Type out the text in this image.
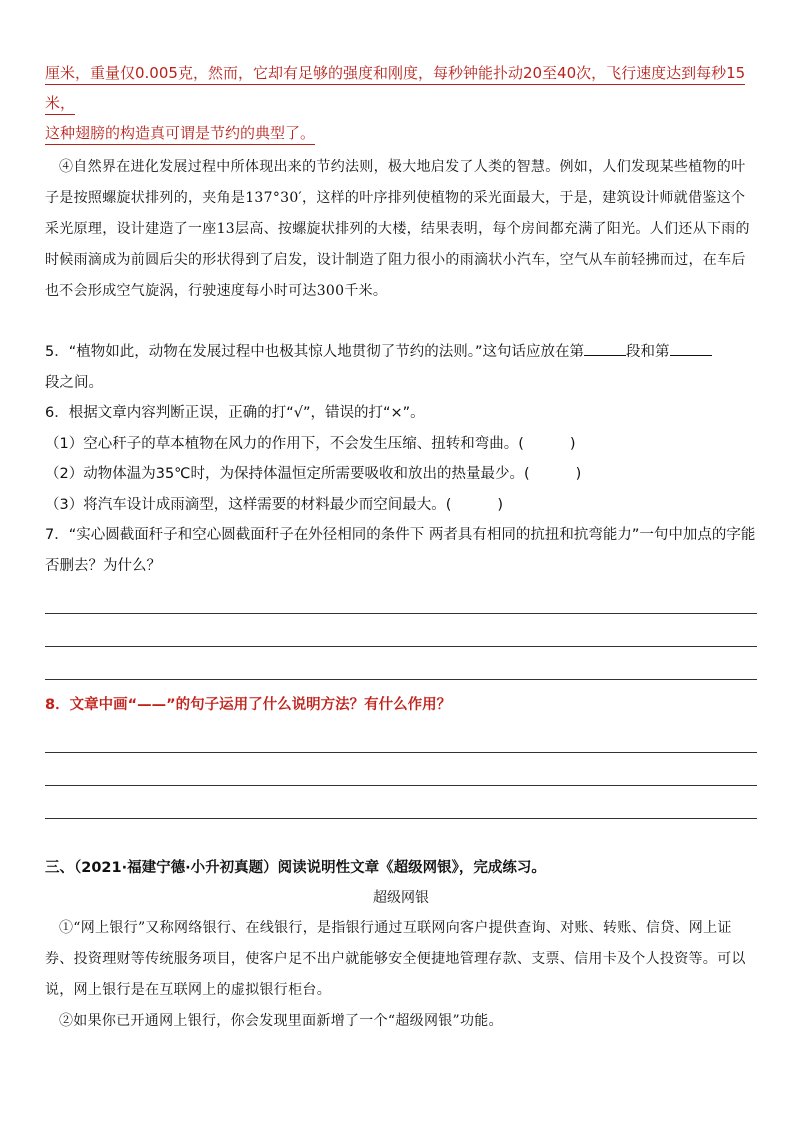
厘米，重量仅0.005克，然而，它却有足够的强度和刚度，每秒钟能扑动20至40次，飞行速度达到每秒15米，
这种翅膀的构造真可谓是节约的典型了。

④自然界在进化发展过程中所体现出来的节约法则，极大地启发了人类的智慧。例如，人们发现某些植物的叶子是按照螺旋状排列的，夹角是137°30′，这样的叶序排列使植物的采光面最大，于是，建筑设计师就借鉴这个采光原理，设计建造了一座13层高、按螺旋状排列的大楼，结果表明，每个房间都充满了阳光。人们还从下雨的时候雨滴成为前圆后尖的形状得到了启发，设计制造了阻力很小的雨滴状小汽车，空气从车前轻拂而过，在车后也不会形成空气旋涡，行驶速度每小时可达300千米。

5．“植物如此，动物在发展过程中也极其惊人地贯彻了节约的法则。”这句话应放在第	段和第
段之间。

6．根据文章内容判断正误，正确的打“√”，错误的打“×”。

（1）空心秆子的草本植物在风力的作用下，不会发生压缩、扭转和弯曲。(	)

（2）动物体温为35℃时，为保持体温恒定所需要吸收和放出的热量最少。(	)

（3）将汽车设计成雨滴型，这样需要的材料最少而空间最大。(	)

7．“实心圆截面秆子和空心圆截面秆子在外径相同的条件下 两者具有相同的抗扭和抗弯能力”一句中加点的字能否删去？为什么？

8．文章中画“——”的句子运用了什么说明方法？有什么作用？

三、（2021·福建宁德·小升初真题）阅读说明性文章《超级网银》，完成练习。

超级网银

①“网上银行”又称网络银行、在线银行，是指银行通过互联网向客户提供查询、对账、转账、信贷、网上证券、投资理财等传统服务项目，使客户足不出户就能够安全便捷地管理存款、支票、信用卡及个人投资等。可以说，网上银行是在互联网上的虚拟银行柜台。

②如果你已开通网上银行，你会发现里面新增了一个“超级网银”功能。
